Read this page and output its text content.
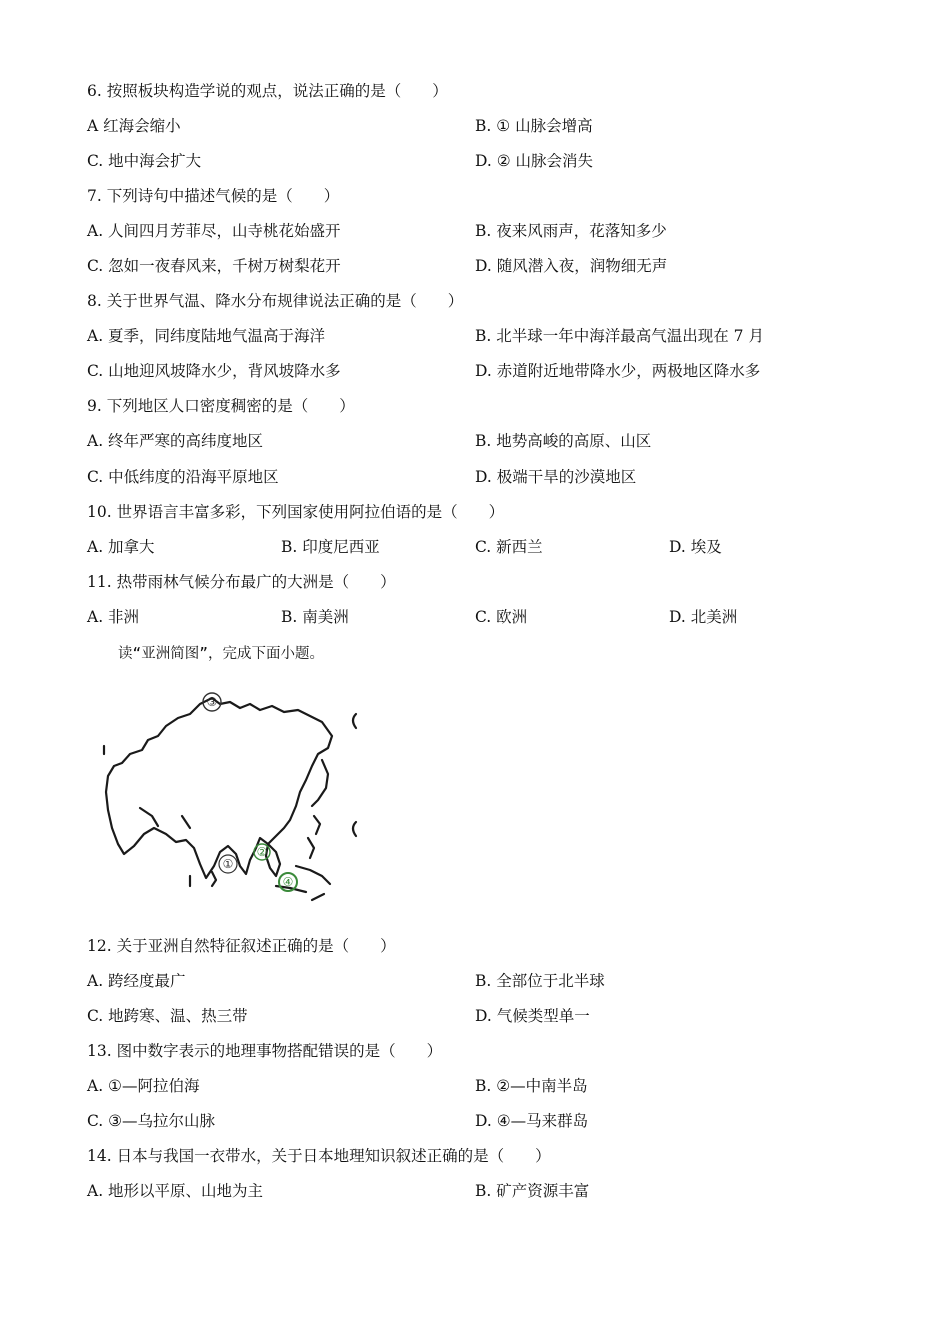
6. 按照板块构造学说的观点，说法正确的是（　　）
A 红海会缩小	B. ① 山脉会增高
C. 地中海会扩大	D. ② 山脉会消失
7. 下列诗句中描述气候的是（　　）
A. 人间四月芳菲尽，山寺桃花始盛开	B. 夜来风雨声，花落知多少
C. 忽如一夜春风来，千树万树梨花开	D. 随风潜入夜，润物细无声
8. 关于世界气温、降水分布规律说法正确的是（　　）
A. 夏季，同纬度陆地气温高于海洋	B. 北半球一年中海洋最高气温出现在 7 月
C. 山地迎风坡降水少，背风坡降水多	D. 赤道附近地带降水少，两极地区降水多
9. 下列地区人口密度稠密的是（　　）
A. 终年严寒的高纬度地区	B. 地势高峻的高原、山区
C. 中低纬度的沿海平原地区	D. 极端干旱的沙漠地区
10. 世界语言丰富多彩，下列国家使用阿拉伯语的是（　　）
A. 加拿大	B. 印度尼西亚	C. 新西兰	D. 埃及
11. 热带雨林气候分布最广的大洲是（　　）
A. 非洲	B. 南美洲	C. 欧洲	D. 北美洲
读“亚洲简图”，完成下面小题。
③
①
②
④
12. 关于亚洲自然特征叙述正确的是（　　）
A. 跨经度最广	B. 全部位于北半球
C. 地跨寒、温、热三带	D. 气候类型单一
13. 图中数字表示的地理事物搭配错误的是（　　）
A. ①—阿拉伯海	B. ②—中南半岛
C. ③—乌拉尔山脉	D. ④—马来群岛
14. 日本与我国一衣带水，关于日本地理知识叙述正确的是（　　）
A. 地形以平原、山地为主	B. 矿产资源丰富
